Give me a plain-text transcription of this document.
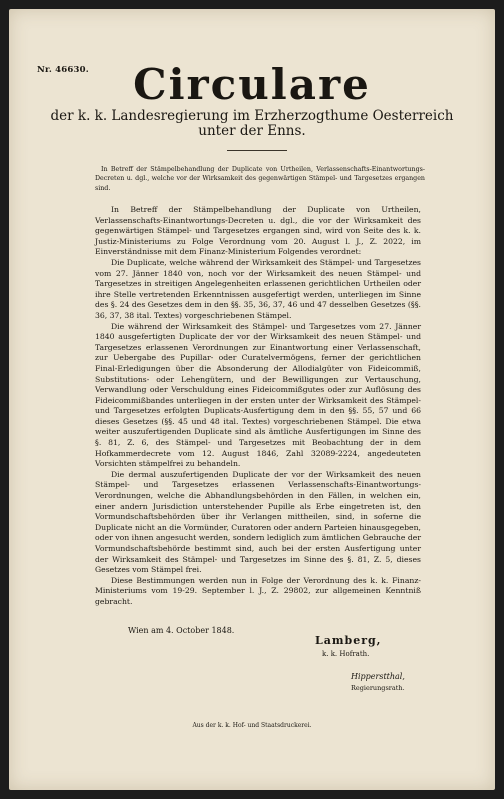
Nr. 46630.	Circulare
der k. k. Landesregierung im Erzherzogthume Oesterreich
unter der Enns.
In Betreff der Stämpelbehandlung der Duplicate von Urtheilen, Verlassenschafts-Einantwortungs-Decreten u. dgl., welche vor der Wirksamkeit des gegenwärtigen Stämpel- und Targesetzes ergangen sind.

In Betreff der Stämpelbehandlung der Duplicate von Urtheilen, Verlassenschafts-Einantwortungs-Decreten u. dgl., die vor der Wirksamkeit des gegenwärtigen Stämpel- und Targesetzes ergangen sind, wird von Seite des k. k. Justiz-Ministeriums zu Folge Verordnung vom 20. August l. J., Z. 2022, im Einverständnisse mit dem Finanz-Ministerium Folgendes verordnet:

Die Duplicate, welche während der Wirksamkeit des Stämpel- und Targesetzes vom 27. Jänner 1840 von, noch vor der Wirksamkeit des neuen Stämpel- und Targesetzes in streitigen Angelegenheiten erlassenen gerichtlichen Urtheilen oder ihre Stelle vertretenden Erkenntnissen ausgefertigt werden, unterliegen im Sinne des §. 24 des Gesetzes dem in den §§. 35, 36, 37, 46 und 47 desselben Gesetzes (§§. 36, 37, 38 ital. Textes) vorgeschriebenen Stämpel.

Die während der Wirksamkeit des Stämpel- und Targesetzes vom 27. Jänner 1840 ausgefertigten Duplicate der vor der Wirksamkeit des neuen Stämpel- und Targesetzes erlassenen Verordnungen zur Einantwortung einer Verlassenschaft, zur Uebergabe des Pupillar- oder Curatelvermögens, ferner der gerichtlichen Final-Erledigungen über die Absonderung der Allodialgüter von Fideicommiß, Substitutions- oder Lehengütern, und der Bewilligungen zur Vertauschung, Verwandlung oder Verschuldung eines Fideicommißgutes oder zur Auflösung des Fideicommißbandes unterliegen in der ersten unter der Wirksamkeit des Stämpel- und Targesetzes erfolgten Duplicats-Ausfertigung dem in den §§. 55, 57 und 66 dieses Gesetzes (§§. 45 und 48 ital. Textes) vorgeschriebenen Stämpel. Die etwa weiter auszufertigenden Duplicate sind als ämtliche Ausfertigungen im Sinne des §. 81, Z. 6, des Stämpel- und Targesetzes mit Beobachtung der in dem Hofkammerdecrete vom 12. August 1846, Zahl 32089-2224, angedeuteten Vorsichten stämpelfrei zu behandeln.

Die dermal auszufertigenden Duplicate der vor der Wirksamkeit des neuen Stämpel- und Targesetzes erlassenen Verlassenschafts-Einantwortungs-Verordnungen, welche die Abhandlungsbehörden in den Fällen, in welchen ein, einer andern Jurisdiction unterstehender Pupille als Erbe eingetreten ist, den Vormundschaftsbehörden über ihr Verlangen mittheilen, sind, in soferne die Duplicate nicht an die Vormünder, Curatoren oder andern Parteien hinausgegeben, oder von ihnen angesucht werden, sondern lediglich zum ämtlichen Gebrauche der Vormundschaftsbehörde bestimmt sind, auch bei der ersten Ausfertigung unter der Wirksamkeit des Stämpel- und Targesetzes im Sinne des §. 81, Z. 5, dieses Gesetzes vom Stämpel frei.

Diese Bestimmungen werden nun in Folge der Verordnung des k. k. Finanz-Ministeriums vom 19-29. September l. J., Z. 29802, zur allgemeinen Kenntniß gebracht.

Wien am 4. October 1848.
Lamberg,
k. k. Hofrath.
Hipperstthal,
Regierungsrath.
Aus der k. k. Hof- und Staatsdruckerei.
